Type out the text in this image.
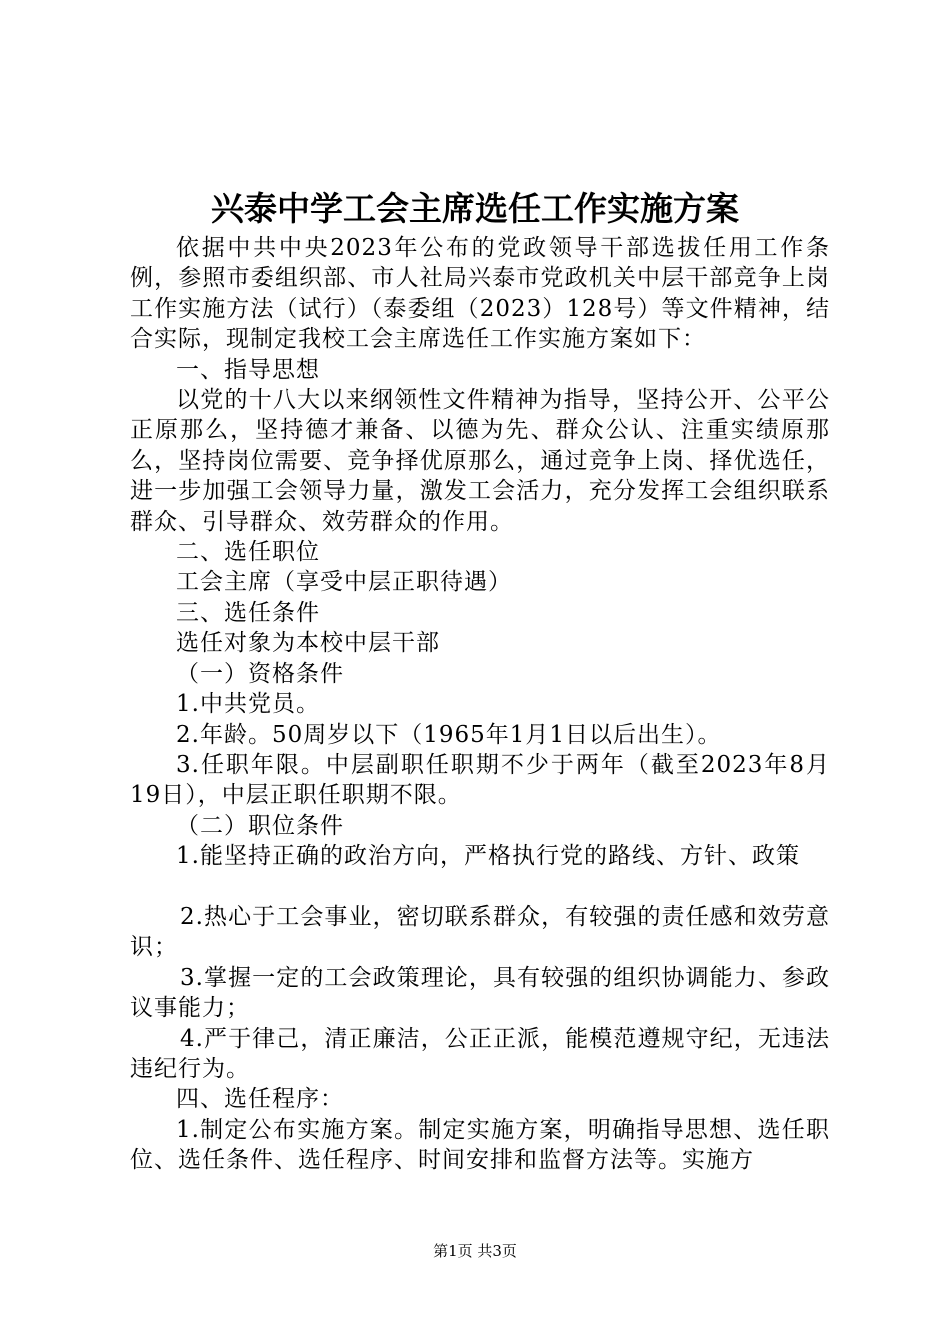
兴泰中学工会主席选任工作实施方案

依据中共中央2023年公布的党政领导干部选拔任用工作条例，参照市委组织部、市人社局兴泰市党政机关中层干部竞争上岗工作实施方法（试行）（泰委组（2023）128号）等文件精神，结合实际，现制定我校工会主席选任工作实施方案如下：

一、指导思想

以党的十八大以来纲领性文件精神为指导，坚持公开、公平公正原那么，坚持德才兼备、以德为先、群众公认、注重实绩原那么，坚持岗位需要、竞争择优原那么，通过竞争上岗、择优选任，进一步加强工会领导力量，激发工会活力，充分发挥工会组织联系群众、引导群众、效劳群众的作用。

二、选任职位

工会主席（享受中层正职待遇）

三、选任条件

选任对象为本校中层干部

（一）资格条件

1.中共党员。

2.年龄。50周岁以下（1965年1月1日以后出生）。

3.任职年限。中层副职任职期不少于两年（截至2023年8月19日），中层正职任职期不限。

（二）职位条件

1.能坚持正确的政治方向，严格执行党的路线、方针、政策

2.热心于工会事业，密切联系群众，有较强的责任感和效劳意识；

3.掌握一定的工会政策理论，具有较强的组织协调能力、参政议事能力；

4.严于律己，清正廉洁，公正正派，能模范遵规守纪，无违法违纪行为。

四、选任程序：

1.制定公布实施方案。制定实施方案，明确指导思想、选任职位、选任条件、选任程序、时间安排和监督方法等。实施方

第1页 共3页
